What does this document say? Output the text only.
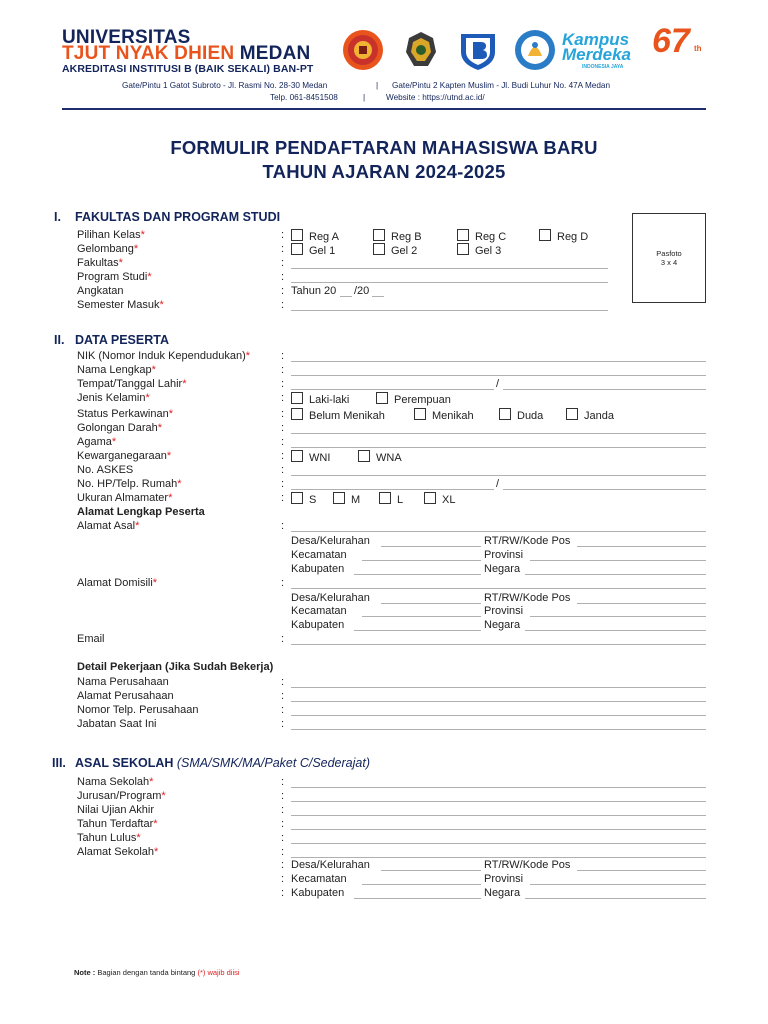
UNIVERSITAS
TJUT NYAK DHIEN MEDAN
AKREDITASI INSTITUSI B (BAIK SEKALI) BAN-PT
Kampus
Merdeka
INDONESIA JAYA
67 th
Gate/Pintu 1 Gatot Subroto - Jl. Rasmi No. 28-30 Medan	| Gate/Pintu 2 Kapten Muslim - Jl. Budi Luhur No. 47A Medan
Telp. 061-8451508	|	Website : https://utnd.ac.id/
FORMULIR PENDAFTARAN MAHASISWA BARU
TAHUN AJARAN 2024-2025
Pasfoto
3 x 4
I. FAKULTAS DAN PROGRAM STUDI
Pilihan Kelas*	:	Reg A	Reg B	Reg C	Reg D
Gelombang*	:	Gel 1	Gel 2	Gel 3
Fakultas*	:
Program Studi*	:
Angkatan	: Tahun 20 /20
Semester Masuk*	:
II. DATA PESERTA
NIK (Nomor Induk Kependudukan)*	:
Nama Lengkap*	:
Tempat/Tanggal Lahir*	:	/
Jenis Kelamin*	:	Laki-laki	Perempuan
Status Perkawinan*	:	Belum Menikah	Menikah	Duda	Janda
Golongan Darah*	:
Agama*	:
Kewarganegaraan*	:	WNI	WNA
No. ASKES	:
No. HP/Telp. Rumah*	:	/
Ukuran Almamater*	:	S	M	L	XL
Alamat Lengkap Peserta
Alamat Asal*	:
Desa/Kelurahan	RT/RW/Kode Pos
Kecamatan	Provinsi
Kabupaten	Negara
Alamat Domisili*	:
Desa/Kelurahan	RT/RW/Kode Pos
Kecamatan	Provinsi
Kabupaten	Negara
Email	:
Detail Pekerjaan (Jika Sudah Bekerja)
Nama Perusahaan	:
Alamat Perusahaan	:
Nomor Telp. Perusahaan	:
Jabatan Saat Ini	:
III. ASAL SEKOLAH (SMA/SMK/MA/Paket C/Sederajat)
Nama Sekolah*	:
Jurusan/Program*	:
Nilai Ujian Akhir	:
Tahun Terdaftar*	:
Tahun Lulus*	:
Alamat Sekolah*	:
: Desa/Kelurahan	RT/RW/Kode Pos
: Kecamatan	Provinsi
: Kabupaten	Negara
Note : Bagian dengan tanda bintang (*) wajib diisi
